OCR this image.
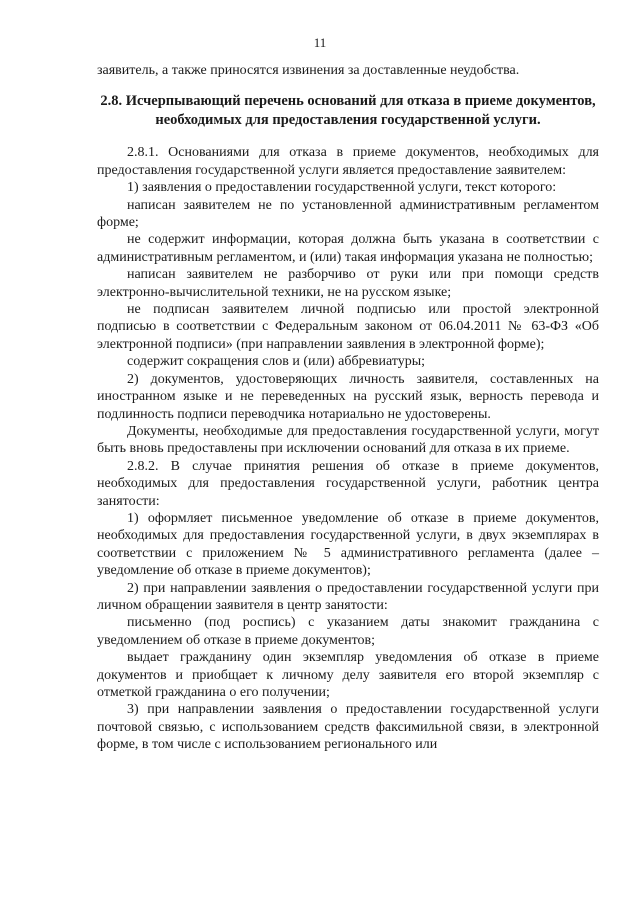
11

заявитель, а также приносятся извинения за доставленные неудобства.

2.8. Исчерпывающий перечень оснований для отказа в приеме документов, необходимых для предоставления государственной услуги.

2.8.1. Основаниями для отказа в приеме документов, необходимых для предоставления государственной услуги является предоставление заявителем:

1) заявления о предоставлении государственной услуги, текст которого:

написан заявителем не по установленной административным регламентом форме;

не содержит информации, которая должна быть указана в соответствии с административным регламентом, и (или) такая информация указана не полностью;

написан заявителем не разборчиво от руки или при помощи средств электронно-вычислительной техники, не на русском языке;

не подписан заявителем личной подписью или простой электронной подписью в соответствии с Федеральным законом от 06.04.2011 № 63-ФЗ «Об электронной подписи» (при направлении заявления в электронной форме);

содержит сокращения слов и (или) аббревиатуры;

2) документов, удостоверяющих личность заявителя, составленных на иностранном языке и не переведенных на русский язык, верность перевода и подлинность подписи переводчика нотариально не удостоверены.

Документы, необходимые для предоставления государственной услуги, могут быть вновь предоставлены при исключении оснований для отказа в их приеме.

2.8.2. В случае принятия решения об отказе в приеме документов, необходимых для предоставления государственной услуги, работник центра занятости:

1) оформляет письменное уведомление об отказе в приеме документов, необходимых для предоставления государственной услуги, в двух экземплярах в соответствии с приложением № 5 административного регламента (далее – уведомление об отказе в приеме документов);

2) при направлении заявления о предоставлении государственной услуги при личном обращении заявителя в центр занятости:

письменно (под роспись) с указанием даты знакомит гражданина с уведомлением об отказе в приеме документов;

выдает гражданину один экземпляр уведомления об отказе в приеме документов и приобщает к личному делу заявителя его второй экземпляр с отметкой гражданина о его получении;

3) при направлении заявления о предоставлении государственной услуги почтовой связью, с использованием средств факсимильной связи, в электронной форме, в том числе с использованием регионального или
